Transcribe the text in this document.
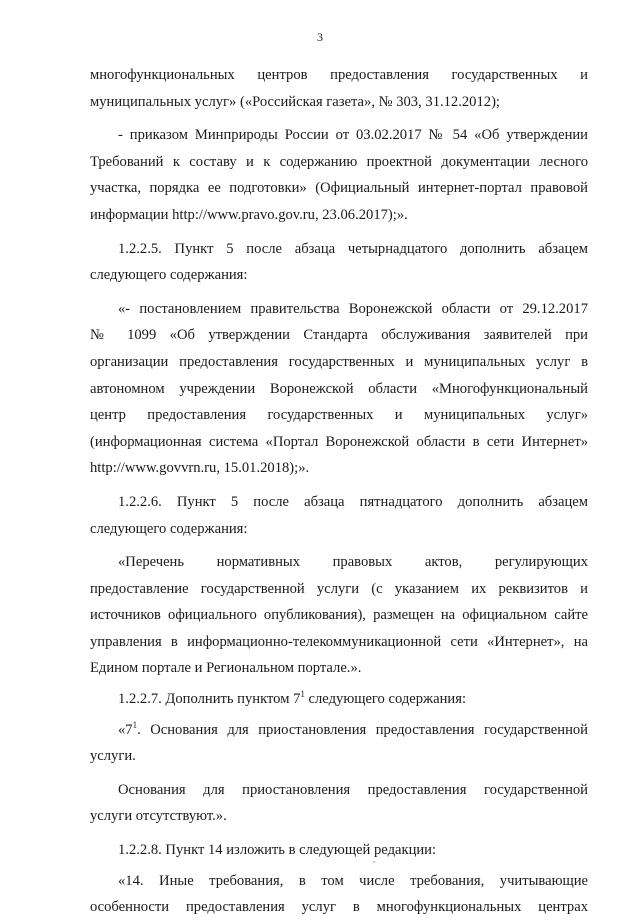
3
многофункциональных центров предоставления государственных и
муниципальных услуг» («Российская газета», № 303, 31.12.2012);
- приказом Минприроды России от 03.02.2017 № 54 «Об утверждении
Требований к составу и к содержанию проектной документации лесного
участка, порядка ее подготовки» (Официальный интернет-портал правовой
информации http://www.pravo.gov.ru, 23.06.2017);».
1.2.2.5. Пункт 5 после абзаца четырнадцатого дополнить абзацем
следующего содержания:
«- постановлением правительства Воронежской области от 29.12.2017
№ 1099 «Об утверждении Стандарта обслуживания заявителей при
организации предоставления государственных и муниципальных услуг в
автономном учреждении Воронежской области «Многофункциональный
центр предоставления государственных и муниципальных услуг»
(информационная система «Портал Воронежской области в сети Интернет»
http://www.govvrn.ru, 15.01.2018);».
1.2.2.6. Пункт 5 после абзаца пятнадцатого дополнить абзацем
следующего содержания:
«Перечень нормативных правовых актов, регулирующих
предоставление государственной услуги (с указанием их реквизитов и
источников официального опубликования), размещен на официальном сайте
управления в информационно-телекоммуникационной сети «Интернет», на
Едином портале и Региональном портале.».
1.2.2.7. Дополнить пунктом $7^1$ следующего содержания:
«$7^1$. Основания для приостановления предоставления государственной
услуги.
Основания для приостановления предоставления государственной
услуги отсутствуют.».
1.2.2.8. Пункт 14 изложить в следующей редакции:
«14. Иные требования, в том числе требования, учитывающие
особенности предоставления услуг в многофункциональных центрах
